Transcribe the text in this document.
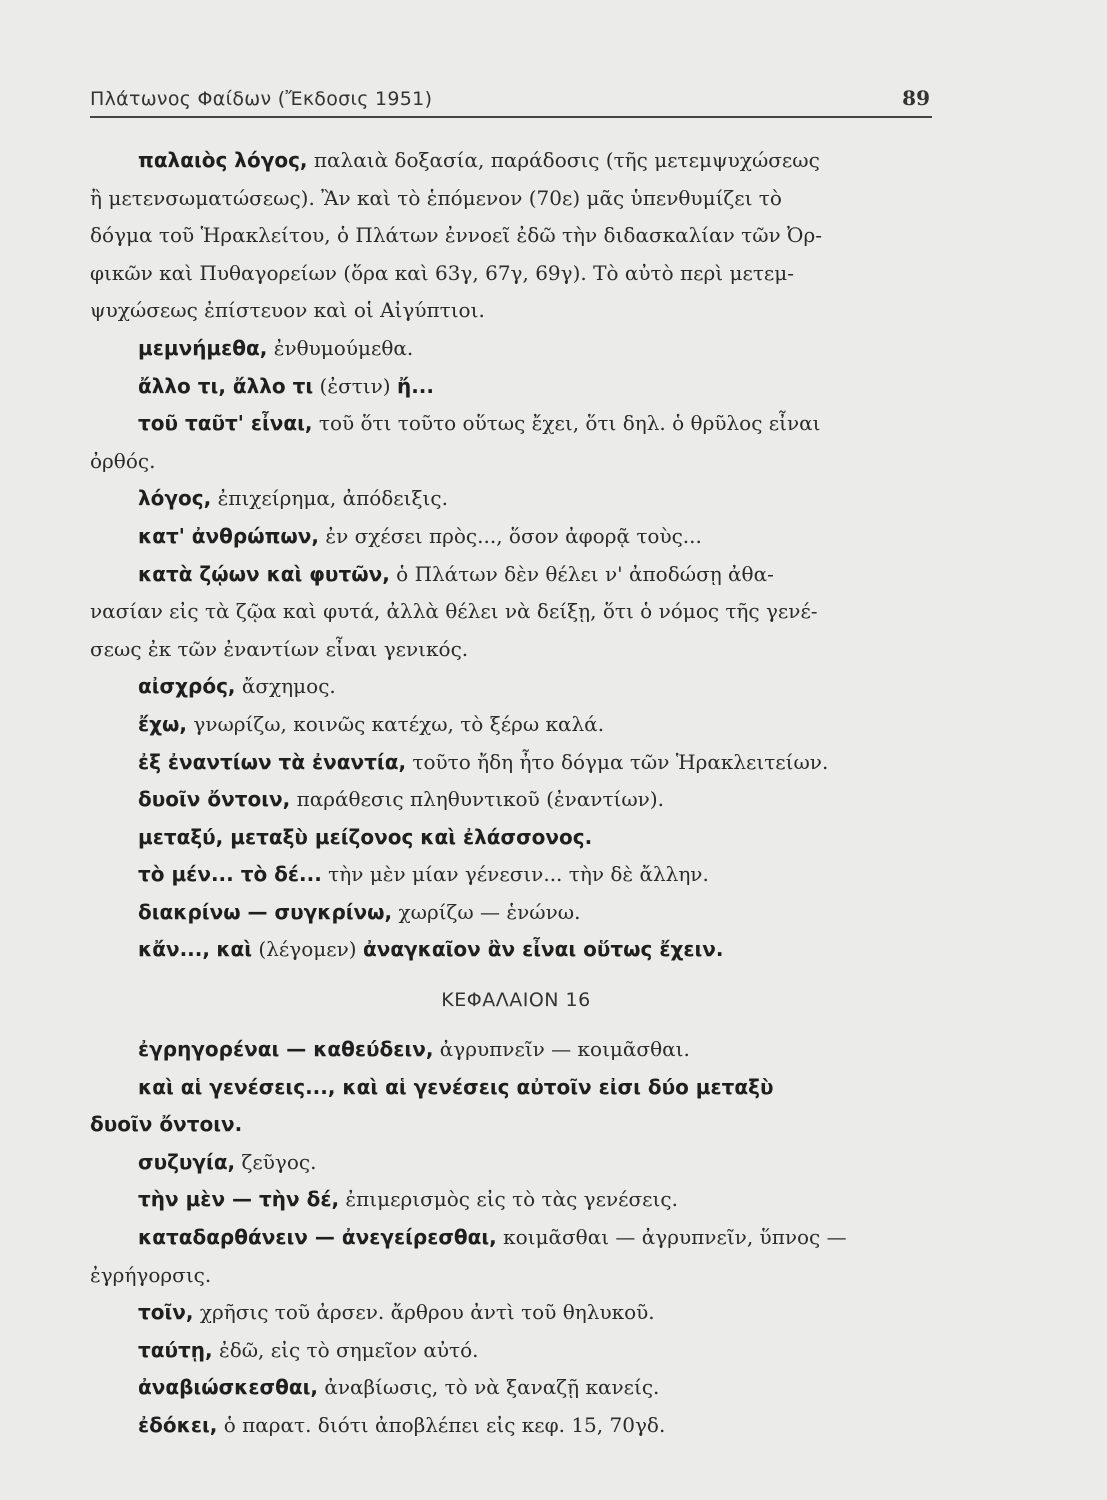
Πλάτωνος Φαίδων (Ἔκδοσις 1951)	89
παλαιὸς λόγος, παλαιὰ δοξασία, παράδοσις (τῆς μετεμψυχώσεως
ἢ μετενσωματώσεως). Ἂν καὶ τὸ ἑπόμενον (70ε) μᾶς ὑπενθυμίζει τὸ
δόγμα τοῦ Ἡρακλείτου, ὁ Πλάτων ἐννοεῖ ἐδῶ τὴν διδασκαλίαν τῶν Ὀρ-
φικῶν καὶ Πυθαγορείων (ὅρα καὶ 63γ, 67γ, 69γ). Τὸ αὐτὸ περὶ μετεμ-
ψυχώσεως ἐπίστευον καὶ οἱ Αἰγύπτιοι.
μεμνήμεθα, ἐνθυμούμεθα.
ἄλλο τι, ἄλλο τι (ἐστιν) ἤ...
τοῦ ταῦτ' εἶναι, τοῦ ὅτι τοῦτο οὕτως ἔχει, ὅτι δηλ. ὁ θρῦλος εἶναι
ὀρθός.
λόγος, ἐπιχείρημα, ἀπόδειξις.
κατ' ἀνθρώπων, ἐν σχέσει πρὸς..., ὅσον ἀφορᾷ τοὺς...
κατὰ ζῴων καὶ φυτῶν, ὁ Πλάτων δὲν θέλει ν' ἀποδώσῃ ἀθα-
νασίαν εἰς τὰ ζῷα καὶ φυτά, ἀλλὰ θέλει νὰ δείξῃ, ὅτι ὁ νόμος τῆς γενέ-
σεως ἐκ τῶν ἐναντίων εἶναι γενικός.
αἰσχρός, ἄσχημος.
ἔχω, γνωρίζω, κοινῶς κατέχω, τὸ ξέρω καλά.
ἐξ ἐναντίων τὰ ἐναντία, τοῦτο ἤδη ἦτο δόγμα τῶν Ἡρακλειτείων.
δυοῖν ὄντοιν, παράθεσις πληθυντικοῦ (ἐναντίων).
μεταξύ, μεταξὺ μείζονος καὶ ἐλάσσονος.
τὸ μέν... τὸ δέ... τὴν μὲν μίαν γένεσιν... τὴν δὲ ἄλλην.
διακρίνω — συγκρίνω, χωρίζω — ἑνώνω.
κἄν..., καὶ (λέγομεν) ἀναγκαῖον ἂν εἶναι οὕτως ἔχειν.
ΚΕΦΑΛΑΙΟΝ 16
ἐγρηγορέναι — καθεύδειν, ἀγρυπνεῖν — κοιμᾶσθαι.
καὶ αἱ γενέσεις..., καὶ αἱ γενέσεις αὐτοῖν εἰσι δύο μεταξὺ
δυοῖν ὄντοιν.
συζυγία, ζεῦγος.
τὴν μὲν — τὴν δέ, ἐπιμερισμὸς εἰς τὸ τὰς γενέσεις.
καταδαρθάνειν — ἀνεγείρεσθαι, κοιμᾶσθαι — ἀγρυπνεῖν, ὕπνος —
ἐγρήγορσις.
τοῖν, χρῆσις τοῦ ἀρσεν. ἄρθρου ἀντὶ τοῦ θηλυκοῦ.
ταύτῃ, ἐδῶ, εἰς τὸ σημεῖον αὐτό.
ἀναβιώσκεσθαι, ἀναβίωσις, τὸ νὰ ξαναζῇ κανείς.
ἐδόκει, ὁ παρατ. διότι ἀποβλέπει εἰς κεφ. 15, 70γδ.
